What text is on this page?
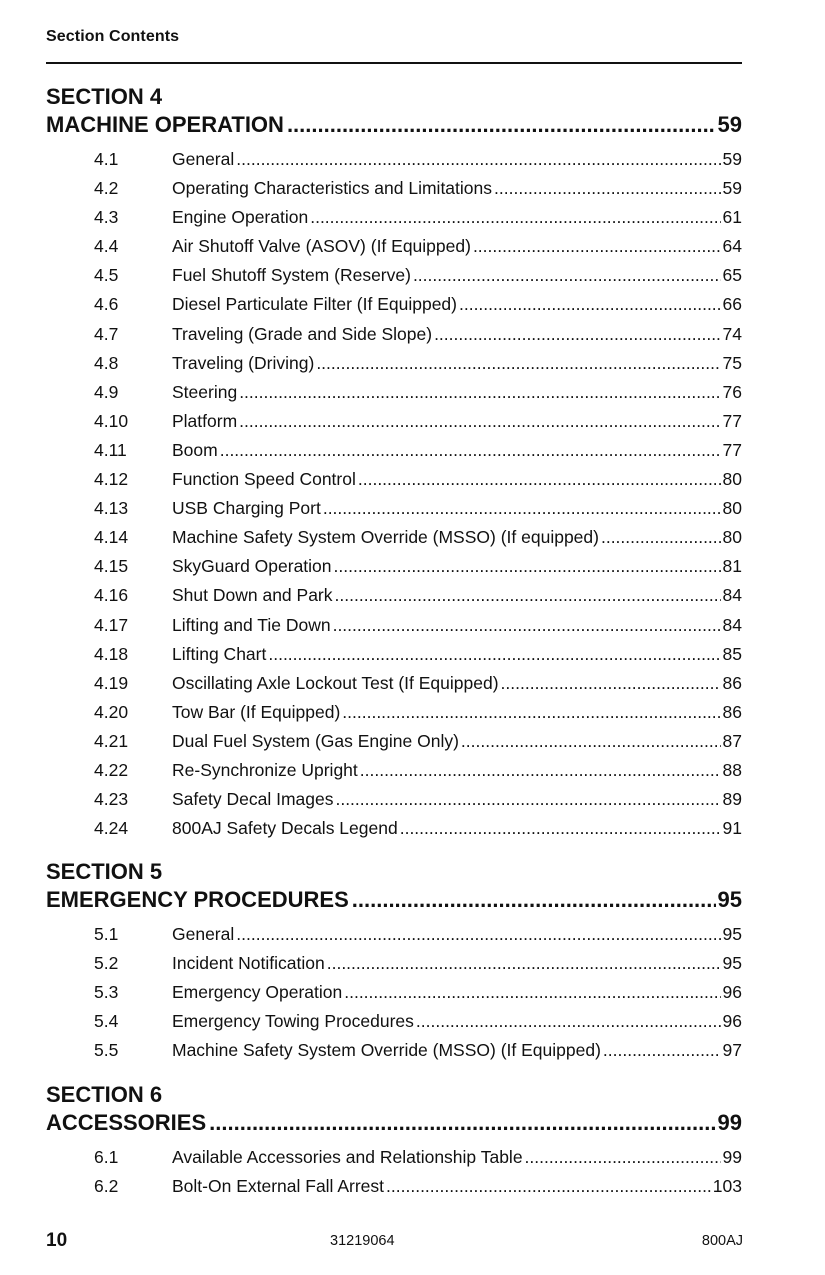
Section Contents
SECTION 4
MACHINE OPERATION .....	59
4.1	General .....	59
4.2	Operating Characteristics and Limitations .....	59
4.3	Engine Operation .....	61
4.4	Air Shutoff Valve (ASOV) (If Equipped) .....	64
4.5	Fuel Shutoff System (Reserve) .....	65
4.6	Diesel Particulate Filter (If Equipped) .....	66
4.7	Traveling (Grade and Side Slope) .....	74
4.8	Traveling (Driving) .....	75
4.9	Steering .....	76
4.10	Platform .....	77
4.11	Boom .....	77
4.12	Function Speed Control .....	80
4.13	USB Charging Port .....	80
4.14	Machine Safety System Override (MSSO) (If equipped) .....	80
4.15	SkyGuard Operation .....	81
4.16	Shut Down and Park .....	84
4.17	Lifting and Tie Down .....	84
4.18	Lifting Chart .....	85
4.19	Oscillating Axle Lockout Test (If Equipped) .....	86
4.20	Tow Bar (If Equipped) .....	86
4.21	Dual Fuel System (Gas Engine Only) .....	87
4.22	Re-Synchronize Upright .....	88
4.23	Safety Decal Images .....	89
4.24	800AJ Safety Decals Legend .....	91
SECTION 5
EMERGENCY PROCEDURES .....	95
5.1	General .....	95
5.2	Incident Notification .....	95
5.3	Emergency Operation .....	96
5.4	Emergency Towing Procedures .....	96
5.5	Machine Safety System Override (MSSO) (If Equipped) .....	97
SECTION 6
ACCESSORIES .....	99
6.1	Available Accessories and Relationship Table .....	99
6.2	Bolt-On External Fall Arrest .....	103
10	31219064	800AJ
